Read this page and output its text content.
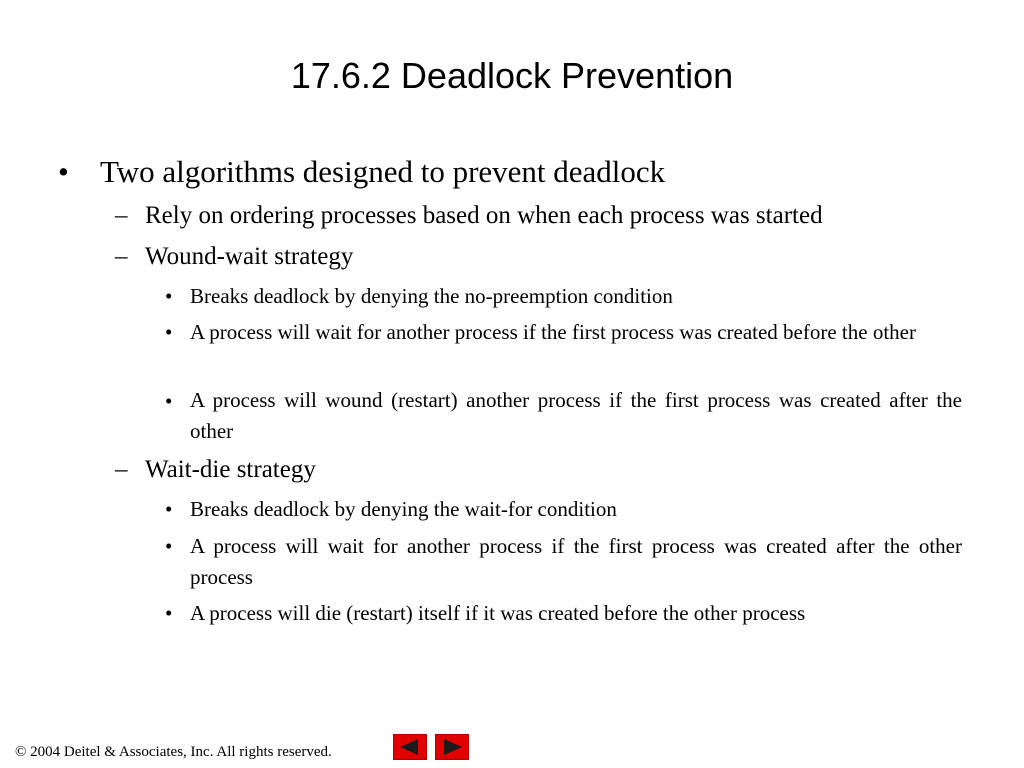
17.6.2 Deadlock Prevention
• Two algorithms designed to prevent deadlock
– Rely on ordering processes based on when each process was started
– Wound-wait strategy
• Breaks deadlock by denying the no-preemption condition
• A process will wait for another process if the first process was created before the other
• A process will wound (restart) another process if the first process was created after the other
– Wait-die strategy
• Breaks deadlock by denying the wait-for condition
• A process will wait for another process if the first process was created after the other process
• A process will die (restart) itself if it was created before the other process
© 2004 Deitel & Associates, Inc. All rights reserved.
